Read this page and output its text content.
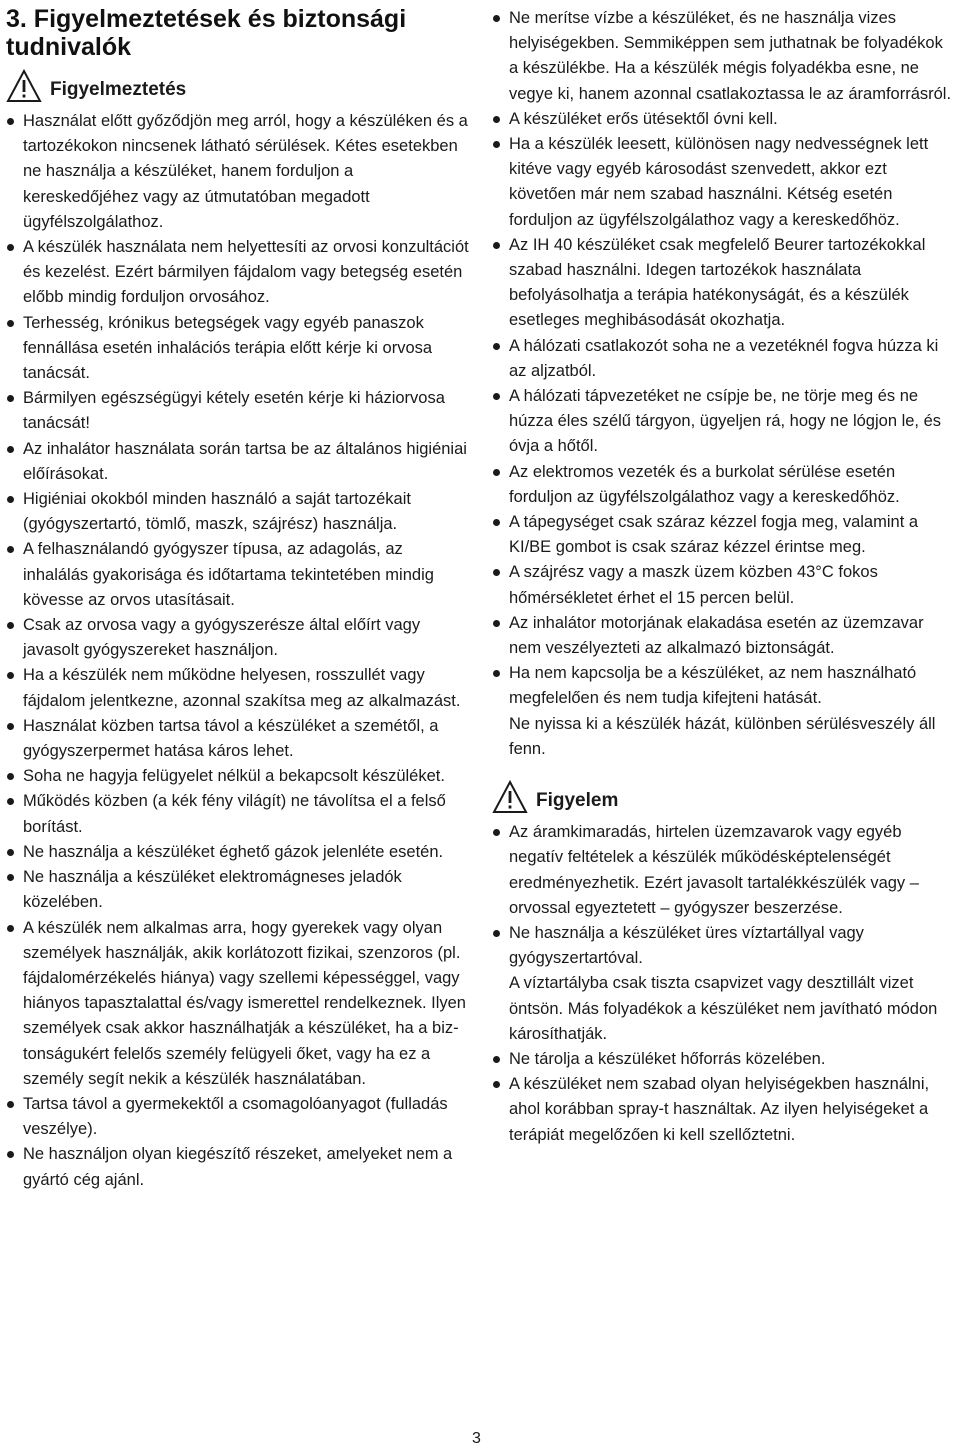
3. Figyelmeztetések és biztonsági tudnivalók
Figyelmeztetés
Használat előtt győződjön meg arról, hogy a készüléken és a tartozékokon nincsenek látható sérülések. Kétes esetekben ne használja a készüléket, hanem forduljon a kereskedőjéhez vagy az útmutatóban megadott ügyfélszolgálathoz.
A készülék használata nem helyettesíti az orvosi konzultációt és kezelést. Ezért bármilyen fájdalom vagy betegség esetén előbb mindig forduljon orvosához.
Terhesség, krónikus betegségek vagy egyéb panaszok fennállása esetén inhalációs terápia előtt kérje ki orvosa tanácsát.
Bármilyen egészségügyi kétely esetén kérje ki háziorvosa tanácsát!
Az inhalátor használata során tartsa be az általános higiéniai előírásokat.
Higiéniai okokból minden használó a saját tartozékait (gyógyszertartó, tömlő, maszk, szájrész) használja.
A felhasználandó gyógyszer típusa, az adagolás, az inhalálás gyakorisága és időtartama tekintetében mindig kövesse az orvos utasításait.
Csak az orvosa vagy a gyógyszerésze által előírt vagy javasolt gyógyszereket használjon.
Ha a készülék nem működne helyesen, rosszullét vagy fájdalom jelentkezne, azonnal szakítsa meg az alkalmazást.
Használat közben tartsa távol a készüléket a szemétől, a gyógyszerpermet hatása káros lehet.
Soha ne hagyja felügyelet nélkül a bekapcsolt készüléket.
Működés közben (a kék fény világít) ne távolítsa el a felső borítást.
Ne használja a készüléket éghető gázok jelenléte esetén.
Ne használja a készüléket elektromágneses jeladók közelében.
A készülék nem alkalmas arra, hogy gyerekek vagy olyan személyek használják, akik korlátozott fizikai, szenzoros (pl. fájdalomérzékelés hiánya) vagy szellemi képességgel, vagy hiányos tapasztalattal és/vagy ismerettel rendelkeznek. Ilyen személyek csak akkor használhatják a készüléket, ha a biztonságukért felelős személy felügyeli őket, vagy ha ez a személy segít nekik a készülék használatában.
Tartsa távol a gyermekektől a csomagolóanyagot (fulladás veszélye).
Ne használjon olyan kiegészítő részeket, amelyeket nem a gyártó cég ajánl.
Ne merítse vízbe a készüléket, és ne használja vizes helyiségekben. Semmiképpen sem juthatnak be folyadékok a készülékbe. Ha a készülék mégis folyadékba esne, ne vegye ki, hanem azonnal csatlakoztassa le az áramforrásról.
A készüléket erős ütésektől óvni kell.
Ha a készülék leesett, különösen nagy nedvességnek lett kitéve vagy egyéb károsodást szenvedett, akkor ezt követően már nem szabad használni. Kétség esetén forduljon az ügyfélszolgálathoz vagy a kereskedőhöz.
Az IH 40 készüléket csak megfelelő Beurer tartozékokkal szabad használni. Idegen tartozékok használata befolyásolhatja a terápia hatékonyságát, és a készülék esetleges meghibásodását okozhatja.
A hálózati csatlakozót soha ne a vezetéknél fogva húzza ki az aljzatból.
A hálózati tápvezetéket ne csípje be, ne törje meg és ne húzza éles szélű tárgyon, ügyeljen rá, hogy ne lógjon le, és óvja a hőtől.
Az elektromos vezeték és a burkolat sérülése esetén forduljon az ügyfélszolgálathoz vagy a kereskedőhöz.
A tápegységet csak száraz kézzel fogja meg, valamint a KI/BE gombot is csak száraz kézzel érintse meg.
A szájrész vagy a maszk üzem közben 43°C fokos hőmérsékletet érhet el 15 percen belül.
Az inhalátor motorjának elakadása esetén az üzemzavar nem veszélyezteti az alkalmazó biztonságát.
Ha nem kapcsolja be a készüléket, az nem használható megfelelően és nem tudja kifejteni hatását.
Ne nyissa ki a készülék házát, különben sérülésveszély áll fenn.
Figyelem
Az áramkimaradás, hirtelen üzemzavarok vagy egyéb negatív feltételek a készülék működésképtelenségét eredményezhetik. Ezért javasolt tartalékkészülék vagy – orvossal egyeztetett – gyógyszer beszerzése.
Ne használja a készüléket üres víztartállyal vagy gyógyszertartóval.
A víztartályba csak tiszta csapvizet vagy desztillált vizet öntsön. Más folyadékok a készüléket nem javítható módon károsíthatják.
Ne tárolja a készüléket hőforrás közelében.
A készüléket nem szabad olyan helyiségekben használni, ahol korábban spray-t használtak. Az ilyen helyiségeket a terápiát megelőzően ki kell szellőztetni.
3
